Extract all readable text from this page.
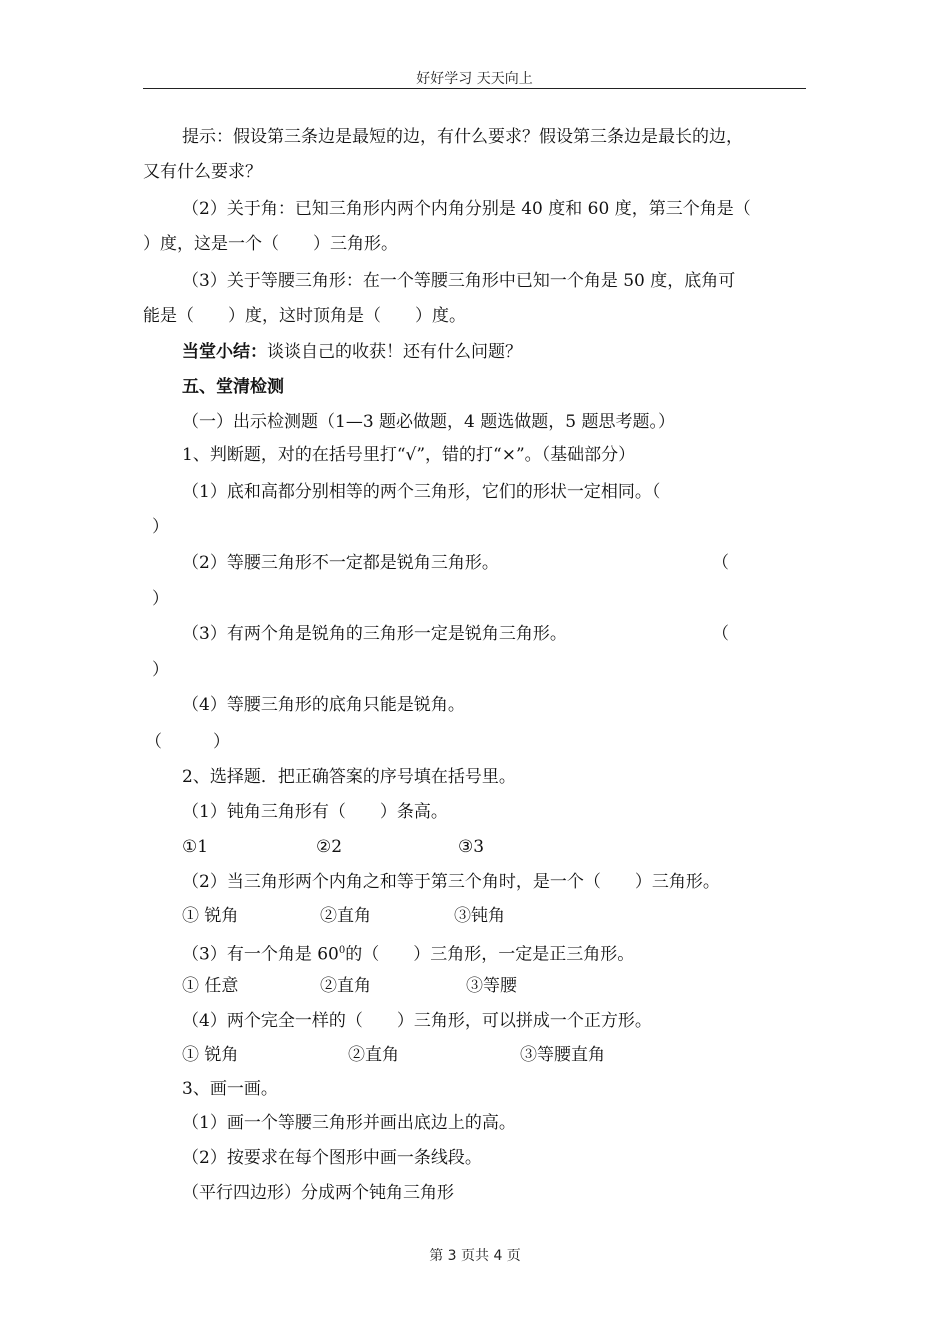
好好学习 天天向上
提示：假设第三条边是最短的边，有什么要求？假设第三条边是最长的边，
又有什么要求？
（2）关于角：已知三角形内两个内角分别是 40 度和 60 度，第三个角是（
）度，这是一个（　　）三角形。
（3）关于等腰三角形：在一个等腰三角形中已知一个角是 50 度，底角可
能是（　　）度，这时顶角是（　　）度。
当堂小结：谈谈自己的收获！还有什么问题？
五、堂清检测
（一）出示检测题（1—3 题必做题，4 题选做题，5 题思考题。）
1、判断题，对的在括号里打“√”，错的打“×”。（基础部分）
（1）底和高都分别相等的两个三角形，它们的形状一定相同。（
）
（2）等腰三角形不一定都是锐角三角形。	（
）
（3）有两个角是锐角的三角形一定是锐角三角形。	（
）
（4）等腰三角形的底角只能是锐角。
（　　　）
2、选择题．把正确答案的序号填在括号里。
（1）钝角三角形有（　　）条高。
①1	②2	③3
（2）当三角形两个内角之和等于第三个角时，是一个（　　）三角形。
① 锐角	②直角	③钝角
（3）有一个角是 $60^0$的（　　）三角形，一定是正三角形。
① 任意	②直角	③等腰
（4）两个完全一样的（　　）三角形，可以拼成一个正方形。
① 锐角	②直角	③等腰直角
3、画一画。
（1）画一个等腰三角形并画出底边上的高。
（2）按要求在每个图形中画一条线段。
（平行四边形）分成两个钝角三角形
第 3 页共 4 页
